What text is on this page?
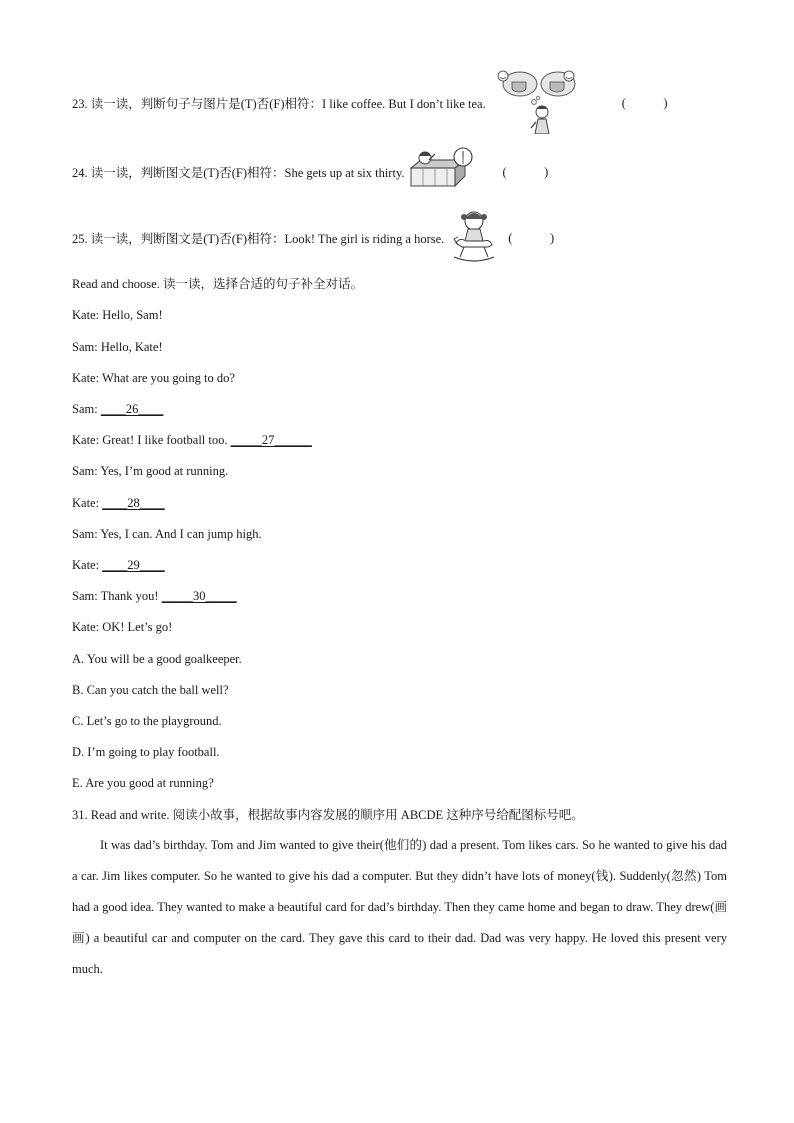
23. 读一读，判断句子与图片是(T)否(F)相符：I like coffee. But I don’t like tea.	(            )
24. 读一读，判断图文是(T)否(F)相符：She gets up at six thirty.	(            )
25. 读一读，判断图文是(T)否(F)相符：Look! The girl is riding a horse.	(            )
Read and choose. 读一读，选择合适的句子补全对话。
Kate: Hello, Sam!
Sam: Hello, Kate!
Kate: What are you going to do?
Sam: ____26____
Kate: Great! I like football too. _____27______
Sam: Yes, I’m good at running.
Kate: ____28____
Sam: Yes, I can. And I can jump high.
Kate: ____29____
Sam: Thank you! _____30_____
Kate: OK! Let’s go!
A. You will be a good goalkeeper.
B. Can you catch the ball well?
C. Let’s go to the playground.
D. I’m going to play football.
E. Are you good at running?
31. Read and write. 阅读小故事，根据故事内容发展的顺序用 ABCDE 这种序号给配图标号吧。

It was dad’s birthday. Tom and Jim wanted to give their(他们的) dad a present. Tom likes cars. So he wanted to give his dad a car. Jim likes computer. So he wanted to give his dad a computer. But they didn’t have lots of money(钱). Suddenly(忽然) Tom had a good idea. They wanted to make a beautiful card for dad’s birthday. Then they came home and began to draw. They drew(画画) a beautiful car and computer on the card. They gave this card to their dad. Dad was very happy. He loved this present very much.
